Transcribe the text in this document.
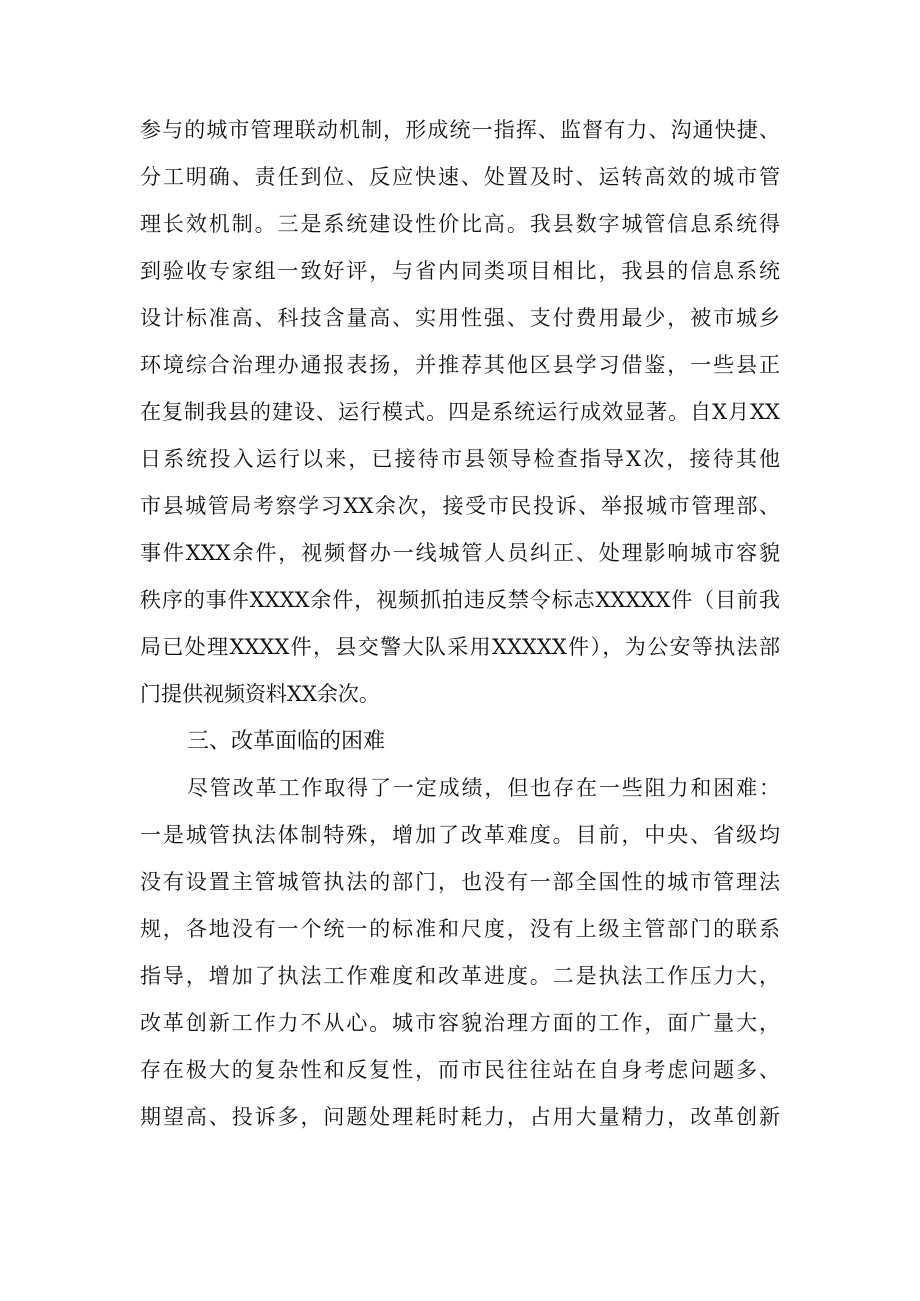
参与的城市管理联动机制，形成统一指挥、监督有力、沟通快捷、
分工明确、责任到位、反应快速、处置及时、运转高效的城市管
理长效机制。三是系统建设性价比高。我县数字城管信息系统得
到验收专家组一致好评，与省内同类项目相比，我县的信息系统
设计标准高、科技含量高、实用性强、支付费用最少，被市城乡
环境综合治理办通报表扬，并推荐其他区县学习借鉴，一些县正
在复制我县的建设、运行模式。四是系统运行成效显著。自X月XX
日系统投入运行以来，已接待市县领导检查指导X次，接待其他
市县城管局考察学习XX余次，接受市民投诉、举报城市管理部、
事件XXX余件，视频督办一线城管人员纠正、处理影响城市容貌
秩序的事件XXXX余件，视频抓拍违反禁令标志XXXXX件（目前我
局已处理XXXX件，县交警大队采用XXXXX件），为公安等执法部
门提供视频资料XX余次。
三、改革面临的困难
尽管改革工作取得了一定成绩，但也存在一些阻力和困难：
一是城管执法体制特殊，增加了改革难度。目前，中央、省级均
没有设置主管城管执法的部门，也没有一部全国性的城市管理法
规，各地没有一个统一的标准和尺度，没有上级主管部门的联系
指导，增加了执法工作难度和改革进度。二是执法工作压力大，
改革创新工作力不从心。城市容貌治理方面的工作，面广量大，
存在极大的复杂性和反复性，而市民往往站在自身考虑问题多、
期望高、投诉多，问题处理耗时耗力，占用大量精力，改革创新
